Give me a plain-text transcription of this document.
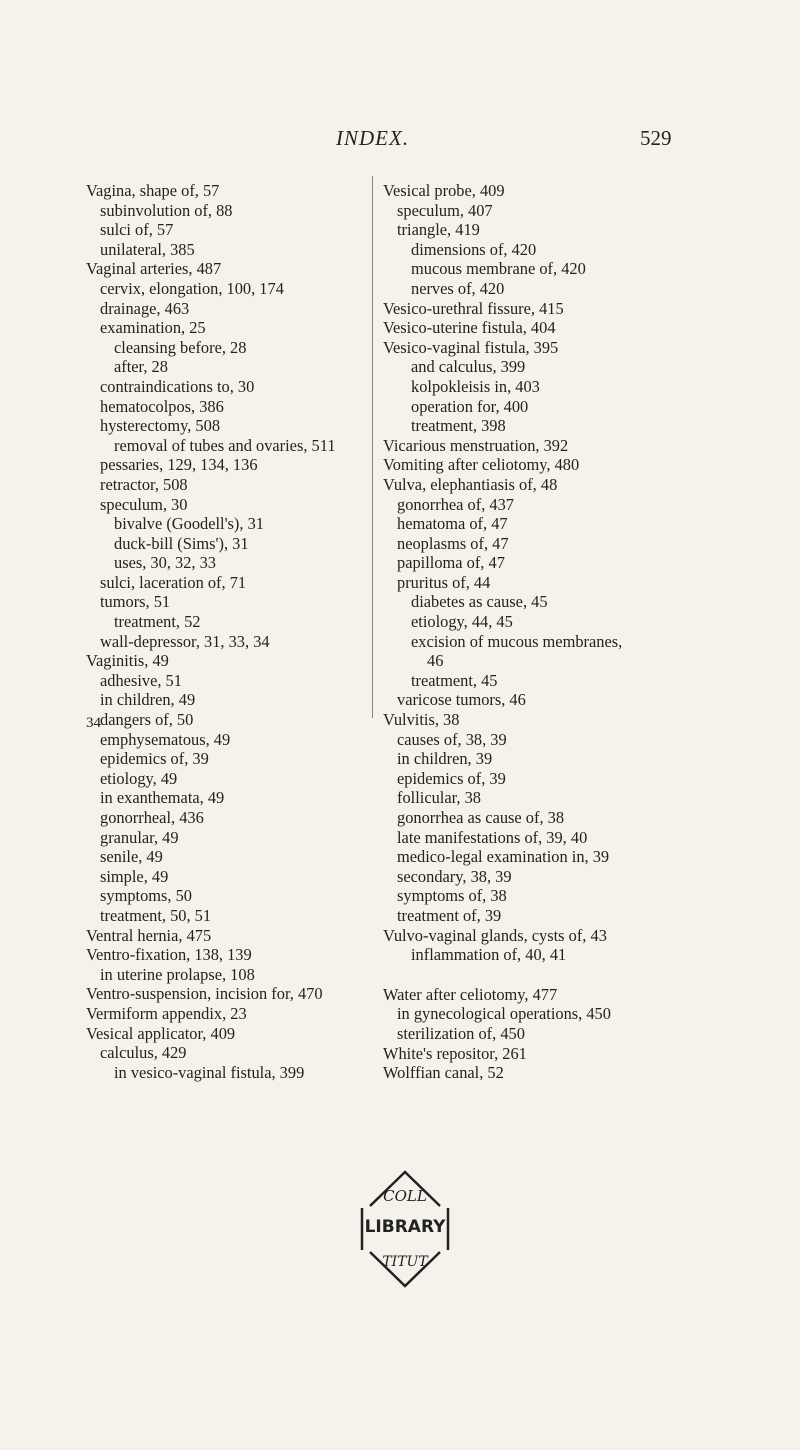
INDEX.	529
Vagina, shape of, 57
subinvolution of, 88
sulci of, 57
unilateral, 385
Vaginal arteries, 487
cervix, elongation, 100, 174
drainage, 463
examination, 25
cleansing before, 28
after, 28
contraindications to, 30
hematocolpos, 386
hysterectomy, 508
removal of tubes and ovaries, 511
pessaries, 129, 134, 136
retractor, 508
speculum, 30
bivalve (Goodell's), 31
duck-bill (Sims'), 31
uses, 30, 32, 33
sulci, laceration of, 71
tumors, 51
treatment, 52
wall-depressor, 31, 33, 34
Vaginitis, 49
adhesive, 51
in children, 49
dangers of, 50
emphysematous, 49
epidemics of, 39
etiology, 49
in exanthemata, 49
gonorrheal, 436
granular, 49
senile, 49
simple, 49
symptoms, 50
treatment, 50, 51
Ventral hernia, 475
Ventro-fixation, 138, 139
in uterine prolapse, 108
Ventro-suspension, incision for, 470
Vermiform appendix, 23
Vesical applicator, 409
calculus, 429
in vesico-vaginal fistula, 399
Vesical probe, 409
speculum, 407
triangle, 419
dimensions of, 420
mucous membrane of, 420
nerves of, 420
Vesico-urethral fissure, 415
Vesico-uterine fistula, 404
Vesico-vaginal fistula, 395
and calculus, 399
kolpokleisis in, 403
operation for, 400
treatment, 398
Vicarious menstruation, 392
Vomiting after celiotomy, 480
Vulva, elephantiasis of, 48
gonorrhea of, 437
hematoma of, 47
neoplasms of, 47
papilloma of, 47
pruritus of, 44
diabetes as cause, 45
etiology, 44, 45
excision of mucous membranes,
46
treatment, 45
varicose tumors, 46
Vulvitis, 38
causes of, 38, 39
in children, 39
epidemics of, 39
follicular, 38
gonorrhea as cause of, 38
late manifestations of, 39, 40
medico-legal examination in, 39
secondary, 38, 39
symptoms of, 38
treatment of, 39
Vulvo-vaginal glands, cysts of, 43
inflammation of, 40, 41
Water after celiotomy, 477
in gynecological operations, 450
sterilization of, 450
White's repositor, 261
Wolffian canal, 52
34
COLL
LIBRARY
TITUT
